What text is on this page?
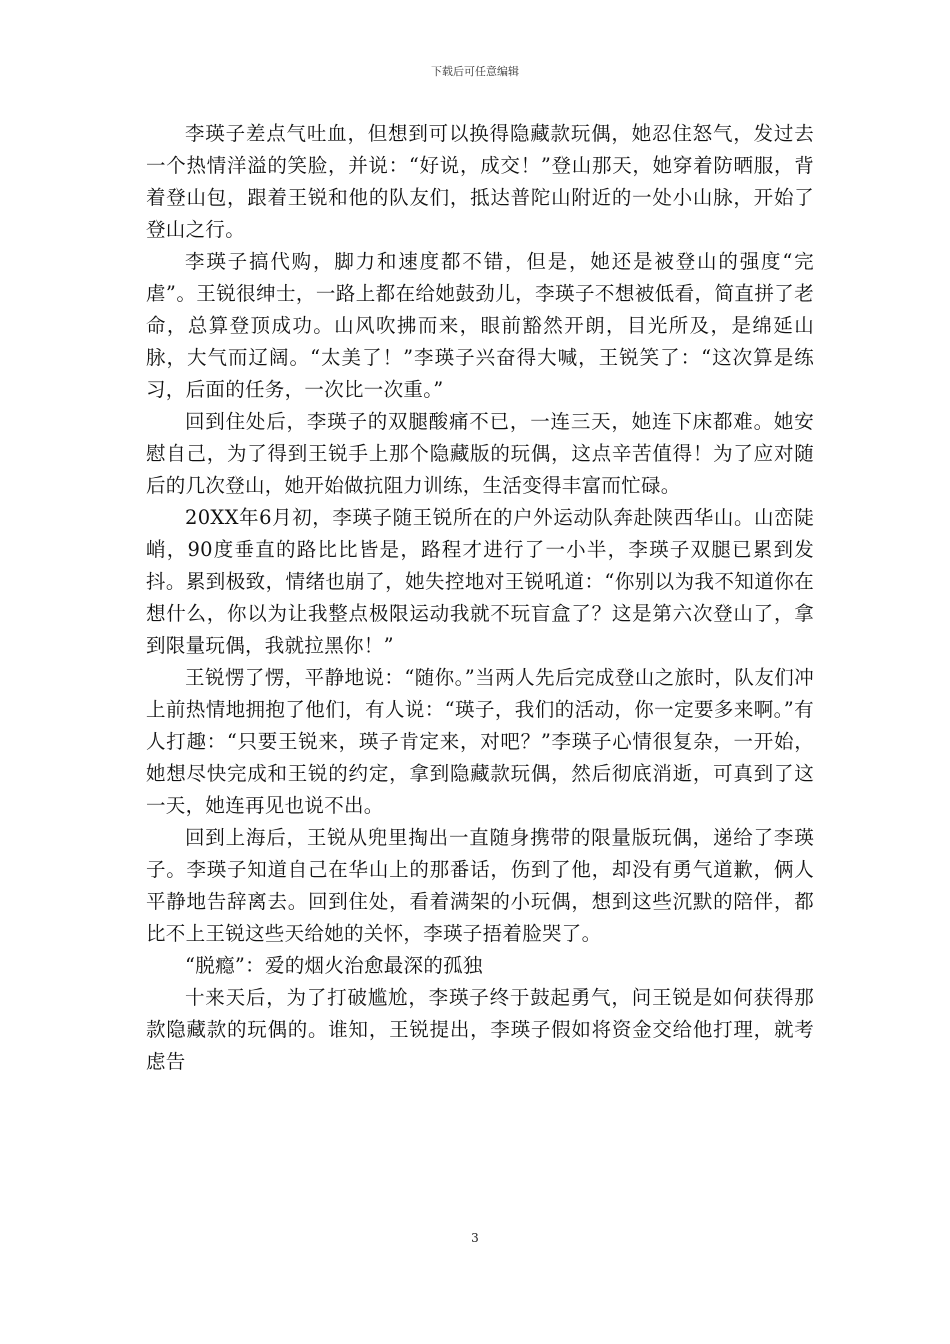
下载后可任意编辑

李瑛子差点气吐血，但想到可以换得隐藏款玩偶，她忍住怒气，发过去一个热情洋溢的笑脸，并说：“好说，成交！”登山那天，她穿着防晒服，背着登山包，跟着王锐和他的队友们，抵达普陀山附近的一处小山脉，开始了登山之行。

李瑛子搞代购，脚力和速度都不错，但是，她还是被登山的强度“完虐”。王锐很绅士，一路上都在给她鼓劲儿，李瑛子不想被低看，简直拼了老命，总算登顶成功。山风吹拂而来，眼前豁然开朗，目光所及，是绵延山脉，大气而辽阔。“太美了！”李瑛子兴奋得大喊，王锐笑了：“这次算是练习，后面的任务，一次比一次重。”

回到住处后，李瑛子的双腿酸痛不已，一连三天，她连下床都难。她安慰自己，为了得到王锐手上那个隐藏版的玩偶，这点辛苦值得！为了应对随后的几次登山，她开始做抗阻力训练，生活变得丰富而忙碌。

20XX年6月初，李瑛子随王锐所在的户外运动队奔赴陕西华山。山峦陡峭，90度垂直的路比比皆是，路程才进行了一小半，李瑛子双腿已累到发抖。累到极致，情绪也崩了，她失控地对王锐吼道：“你别以为我不知道你在想什么，你以为让我整点极限运动我就不玩盲盒了？这是第六次登山了，拿到限量玩偶，我就拉黑你！”

王锐愣了愣，平静地说：“随你。”当两人先后完成登山之旅时，队友们冲上前热情地拥抱了他们，有人说：“瑛子，我们的活动，你一定要多来啊。”有人打趣：“只要王锐来，瑛子肯定来，对吧？”李瑛子心情很复杂，一开始，她想尽快完成和王锐的约定，拿到隐藏款玩偶，然后彻底消逝，可真到了这一天，她连再见也说不出。

回到上海后，王锐从兜里掏出一直随身携带的限量版玩偶，递给了李瑛子。李瑛子知道自己在华山上的那番话，伤到了他，却没有勇气道歉，俩人平静地告辞离去。回到住处，看着满架的小玩偶，想到这些沉默的陪伴，都比不上王锐这些天给她的关怀，李瑛子捂着脸哭了。

“脱瘾”：爱的烟火治愈最深的孤独

十来天后，为了打破尴尬，李瑛子终于鼓起勇气，问王锐是如何获得那款隐藏款的玩偶的。谁知，王锐提出，李瑛子假如将资金交给他打理，就考虑告

3
